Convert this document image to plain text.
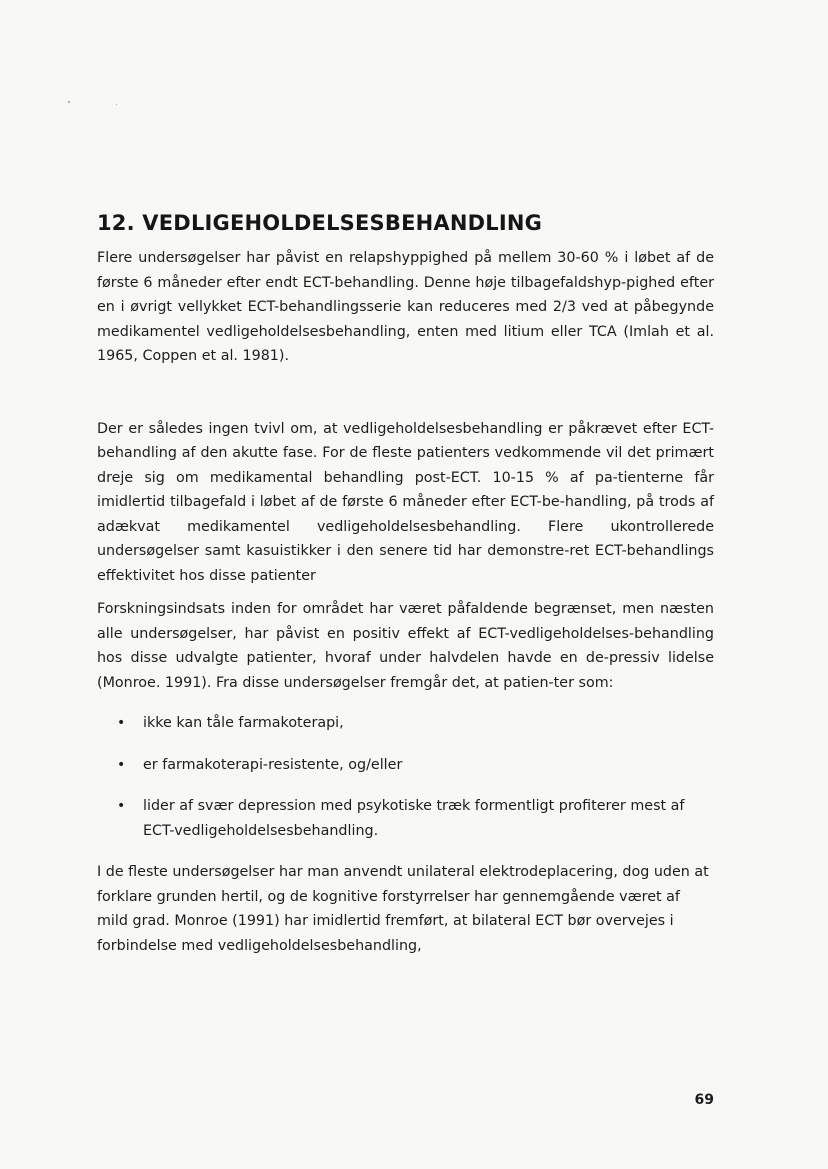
12. VEDLIGEHOLDELSESBEHANDLING

Flere undersøgelser har påvist en relapshyppighed på mellem 30-60 % i løbet af de første 6 måneder efter endt ECT-behandling. Denne høje tilbagefaldshyp-pighed efter en i øvrigt vellykket ECT-behandlingsserie kan reduceres med 2/3 ved at påbegynde medikamentel vedligeholdelsesbehandling, enten med litium eller TCA (Imlah et al. 1965, Coppen et al. 1981).

Der er således ingen tvivl om, at vedligeholdelsesbehandling er påkrævet efter ECT-behandling af den akutte fase. For de fleste patienters vedkommende vil det primært dreje sig om medikamental behandling post-ECT. 10-15 % af pa-tienterne får imidlertid tilbagefald i løbet af de første 6 måneder efter ECT-be-handling, på trods af adækvat medikamentel vedligeholdelsesbehandling. Flere ukontrollerede undersøgelser samt kasuistikker i den senere tid har demonstre-ret ECT-behandlings effektivitet hos disse patienter

Forskningsindsats inden for området har været påfaldende begrænset, men næsten alle undersøgelser, har påvist en positiv effekt af ECT-vedligeholdelses-behandling hos disse udvalgte patienter, hvoraf under halvdelen havde en de-pressiv lidelse (Monroe. 1991). Fra disse undersøgelser fremgår det, at patien-ter som:

• ikke kan tåle farmakoterapi,
• er farmakoterapi-resistente, og/eller
• lider af svær depression med psykotiske træk formentligt profiterer mest af ECT-vedligeholdelsesbehandling.

I de fleste undersøgelser har man anvendt unilateral elektrodeplacering, dog uden at forklare grunden hertil, og de kognitive forstyrrelser har gennemgående været af mild grad. Monroe (1991) har imidlertid fremført, at bilateral ECT bør overvejes i forbindelse med vedligeholdelsesbehandling,

69
